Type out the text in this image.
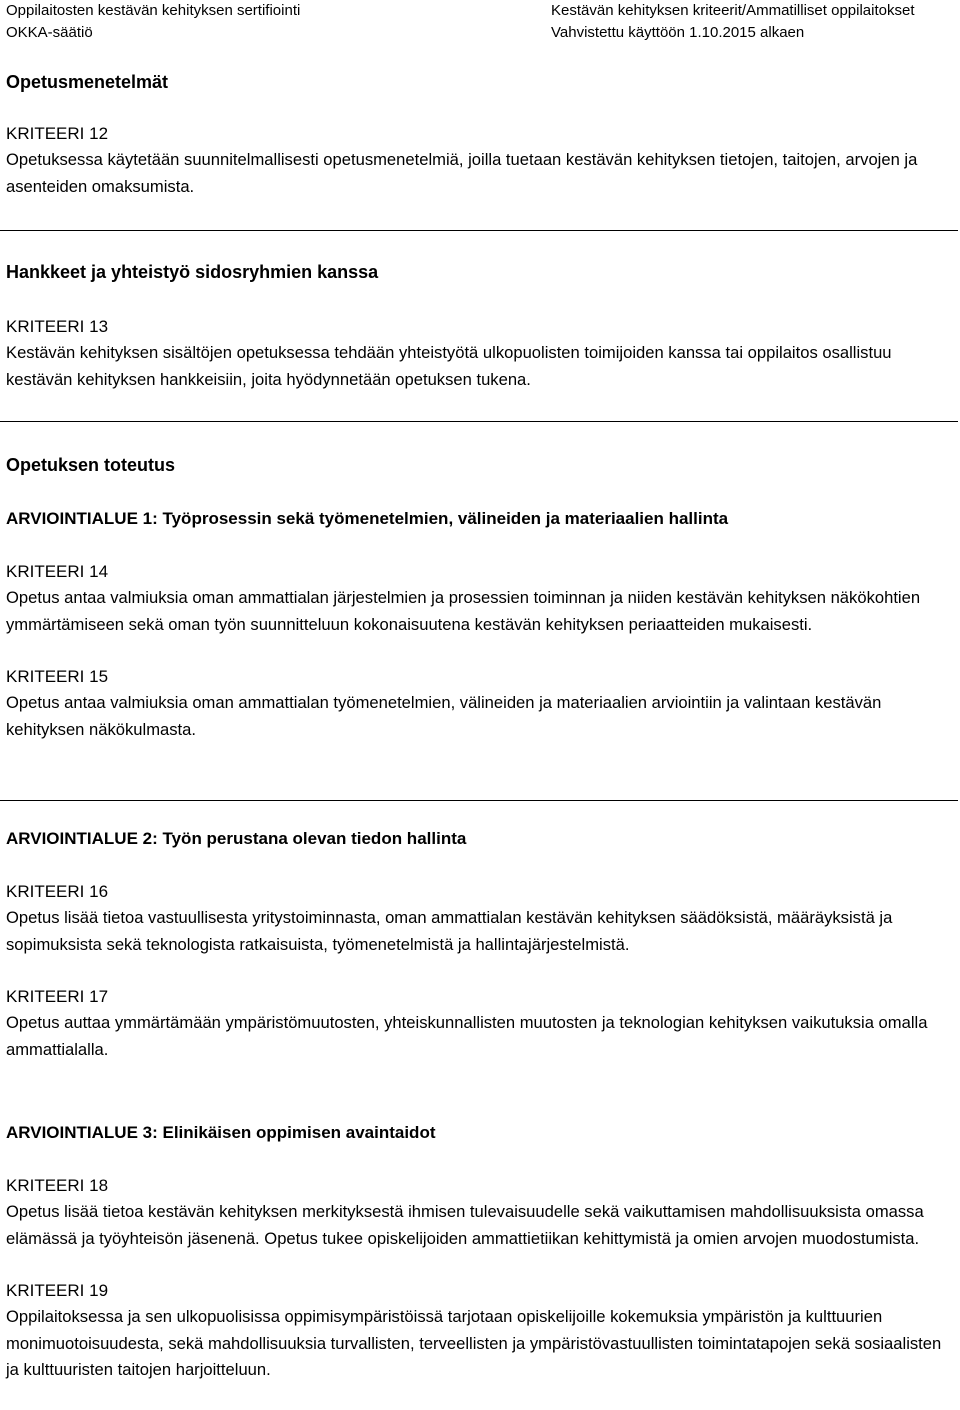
Oppilaitosten kestävän kehityksen sertifiointi
OKKA-säätiö
Kestävän kehityksen kriteerit/Ammatilliset oppilaitokset
Vahvistettu käyttöön 1.10.2015 alkaen
Opetusmenetelmät
KRITEERI 12
Opetuksessa käytetään suunnitelmallisesti opetusmenetelmiä, joilla tuetaan kestävän kehityksen tietojen, taitojen, arvojen ja asenteiden omaksumista.
Hankkeet ja yhteistyö sidosryhmien kanssa
KRITEERI 13
Kestävän kehityksen sisältöjen opetuksessa tehdään yhteistyötä ulkopuolisten toimijoiden kanssa tai oppilaitos osallistuu kestävän kehityksen hankkeisiin, joita hyödynnetään opetuksen tukena.
Opetuksen toteutus
ARVIOINTIALUE 1: Työprosessin sekä työmenetelmien, välineiden ja materiaalien hallinta
KRITEERI 14
Opetus antaa valmiuksia oman ammattialan järjestelmien ja prosessien toiminnan ja niiden kestävän kehityksen näkökohtien ymmärtämiseen sekä oman työn suunnitteluun kokonaisuutena kestävän kehityksen periaatteiden mukaisesti.
KRITEERI 15
Opetus antaa valmiuksia oman ammattialan työmenetelmien, välineiden ja materiaalien arviointiin ja valintaan kestävän kehityksen näkökulmasta.
ARVIOINTIALUE 2: Työn perustana olevan tiedon hallinta
KRITEERI 16
Opetus lisää tietoa vastuullisesta yritystoiminnasta, oman ammattialan kestävän kehityksen säädöksistä, määräyksistä ja sopimuksista sekä teknologista ratkaisuista, työmenetelmistä ja hallintajärjestelmistä.
KRITEERI 17
Opetus auttaa ymmärtämään ympäristömuutosten, yhteiskunnallisten muutosten ja teknologian kehityksen vaikutuksia omalla ammattialalla.
ARVIOINTIALUE 3: Elinikäisen oppimisen avaintaidot
KRITEERI 18
Opetus lisää tietoa kestävän kehityksen merkityksestä ihmisen tulevaisuudelle sekä vaikuttamisen mahdollisuuksista omassa elämässä ja työyhteisön jäsenenä. Opetus tukee opiskelijoiden ammattietiikan kehittymistä ja omien arvojen muodostumista.
KRITEERI 19
Oppilaitoksessa ja sen ulkopuolisissa oppimisympäristöissä tarjotaan opiskelijoille kokemuksia ympäristön ja kulttuurien monimuotoisuudesta, sekä mahdollisuuksia turvallisten, terveellisten ja ympäristövastuullisten toimintatapojen sekä sosiaalisten ja kulttuuristen taitojen harjoitteluun.
